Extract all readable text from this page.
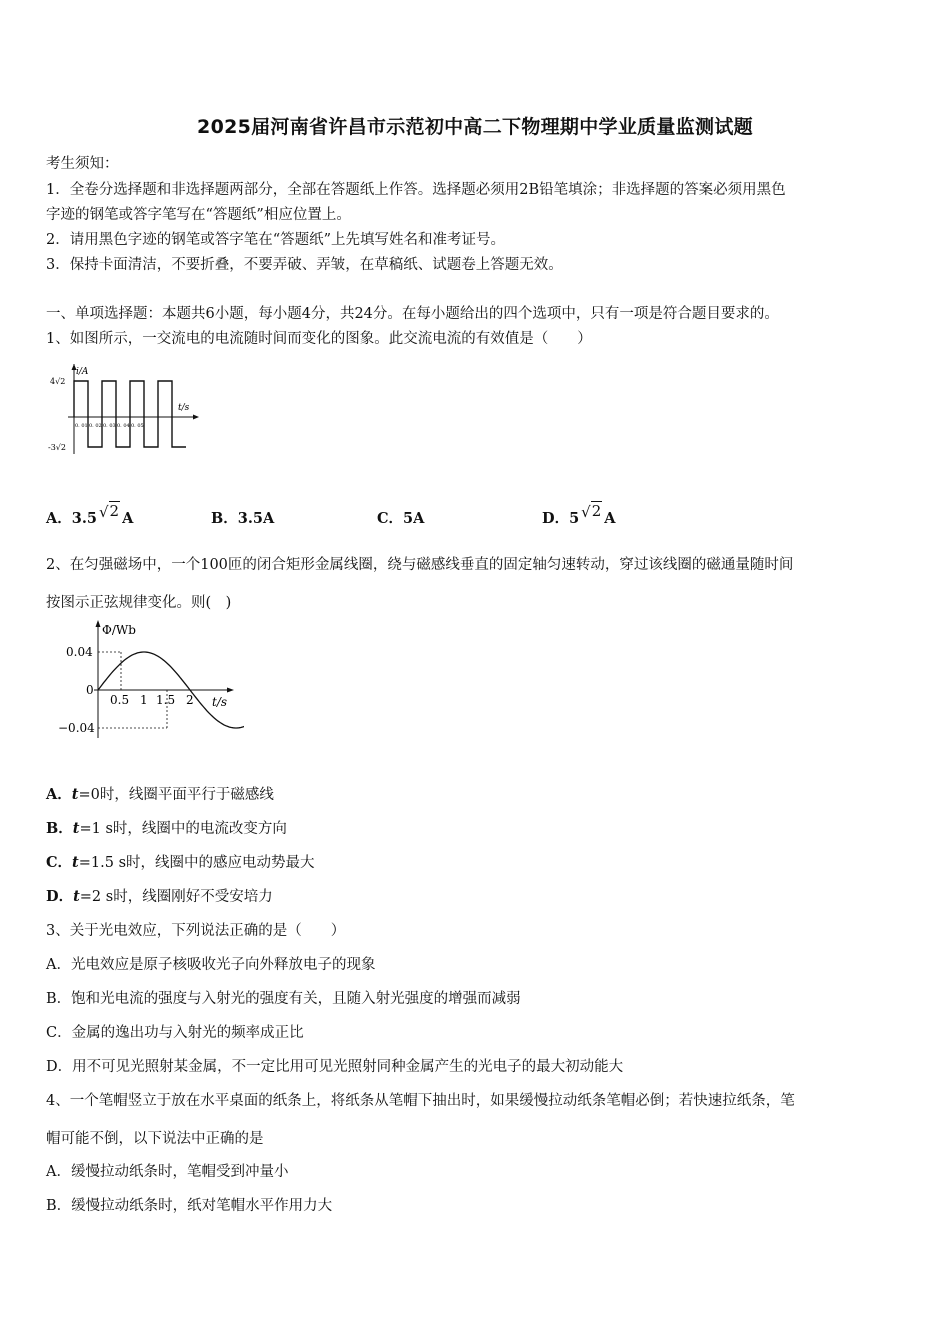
2025届河南省许昌市示范初中高二下物理期中学业质量监测试题
考生须知：
1．全卷分选择题和非选择题两部分，全部在答题纸上作答。选择题必须用2B铅笔填涂；非选择题的答案必须用黑色
字迹的钢笔或答字笔写在“答题纸”相应位置上。
2．请用黑色字迹的钢笔或答字笔在“答题纸”上先填写姓名和准考证号。
3．保持卡面清洁，不要折叠，不要弄破、弄皱，在草稿纸、试题卷上答题无效。
一、单项选择题：本题共6小题，每小题4分，共24分。在每小题给出的四个选项中，只有一项是符合题目要求的。
1、如图所示，一交流电的电流随时间而变化的图象。此交流电流的有效值是（　　）
i/A
t/s
4√2
-3√2
0. 01 0. 02 0. 03 0. 04 0. 05
A．3.5 √2 A	B．3.5A	C．5A	D．5 √2 A
2、在匀强磁场中，一个100匝的闭合矩形金属线圈，绕与磁感线垂直的固定轴匀速转动，穿过该线圈的磁通量随时间
按图示正弦规律变化。则(　)
Φ/Wb
t/s
0.04
−0.04
0
0.5 1 1.5 2
A．t=0时，线圈平面平行于磁感线
B．t=1 s时，线圈中的电流改变方向
C．t=1.5 s时，线圈中的感应电动势最大
D．t=2 s时，线圈刚好不受安培力
3、关于光电效应，下列说法正确的是（　　）
A．光电效应是原子核吸收光子向外释放电子的现象
B．饱和光电流的强度与入射光的强度有关，且随入射光强度的增强而减弱
C．金属的逸出功与入射光的频率成正比
D．用不可见光照射某金属，不一定比用可见光照射同种金属产生的光电子的最大初动能大
4、一个笔帽竖立于放在水平桌面的纸条上，将纸条从笔帽下抽出时，如果缓慢拉动纸条笔帽必倒；若快速拉纸条，笔
帽可能不倒，以下说法中正确的是
A．缓慢拉动纸条时，笔帽受到冲量小
B．缓慢拉动纸条时，纸对笔帽水平作用力大
